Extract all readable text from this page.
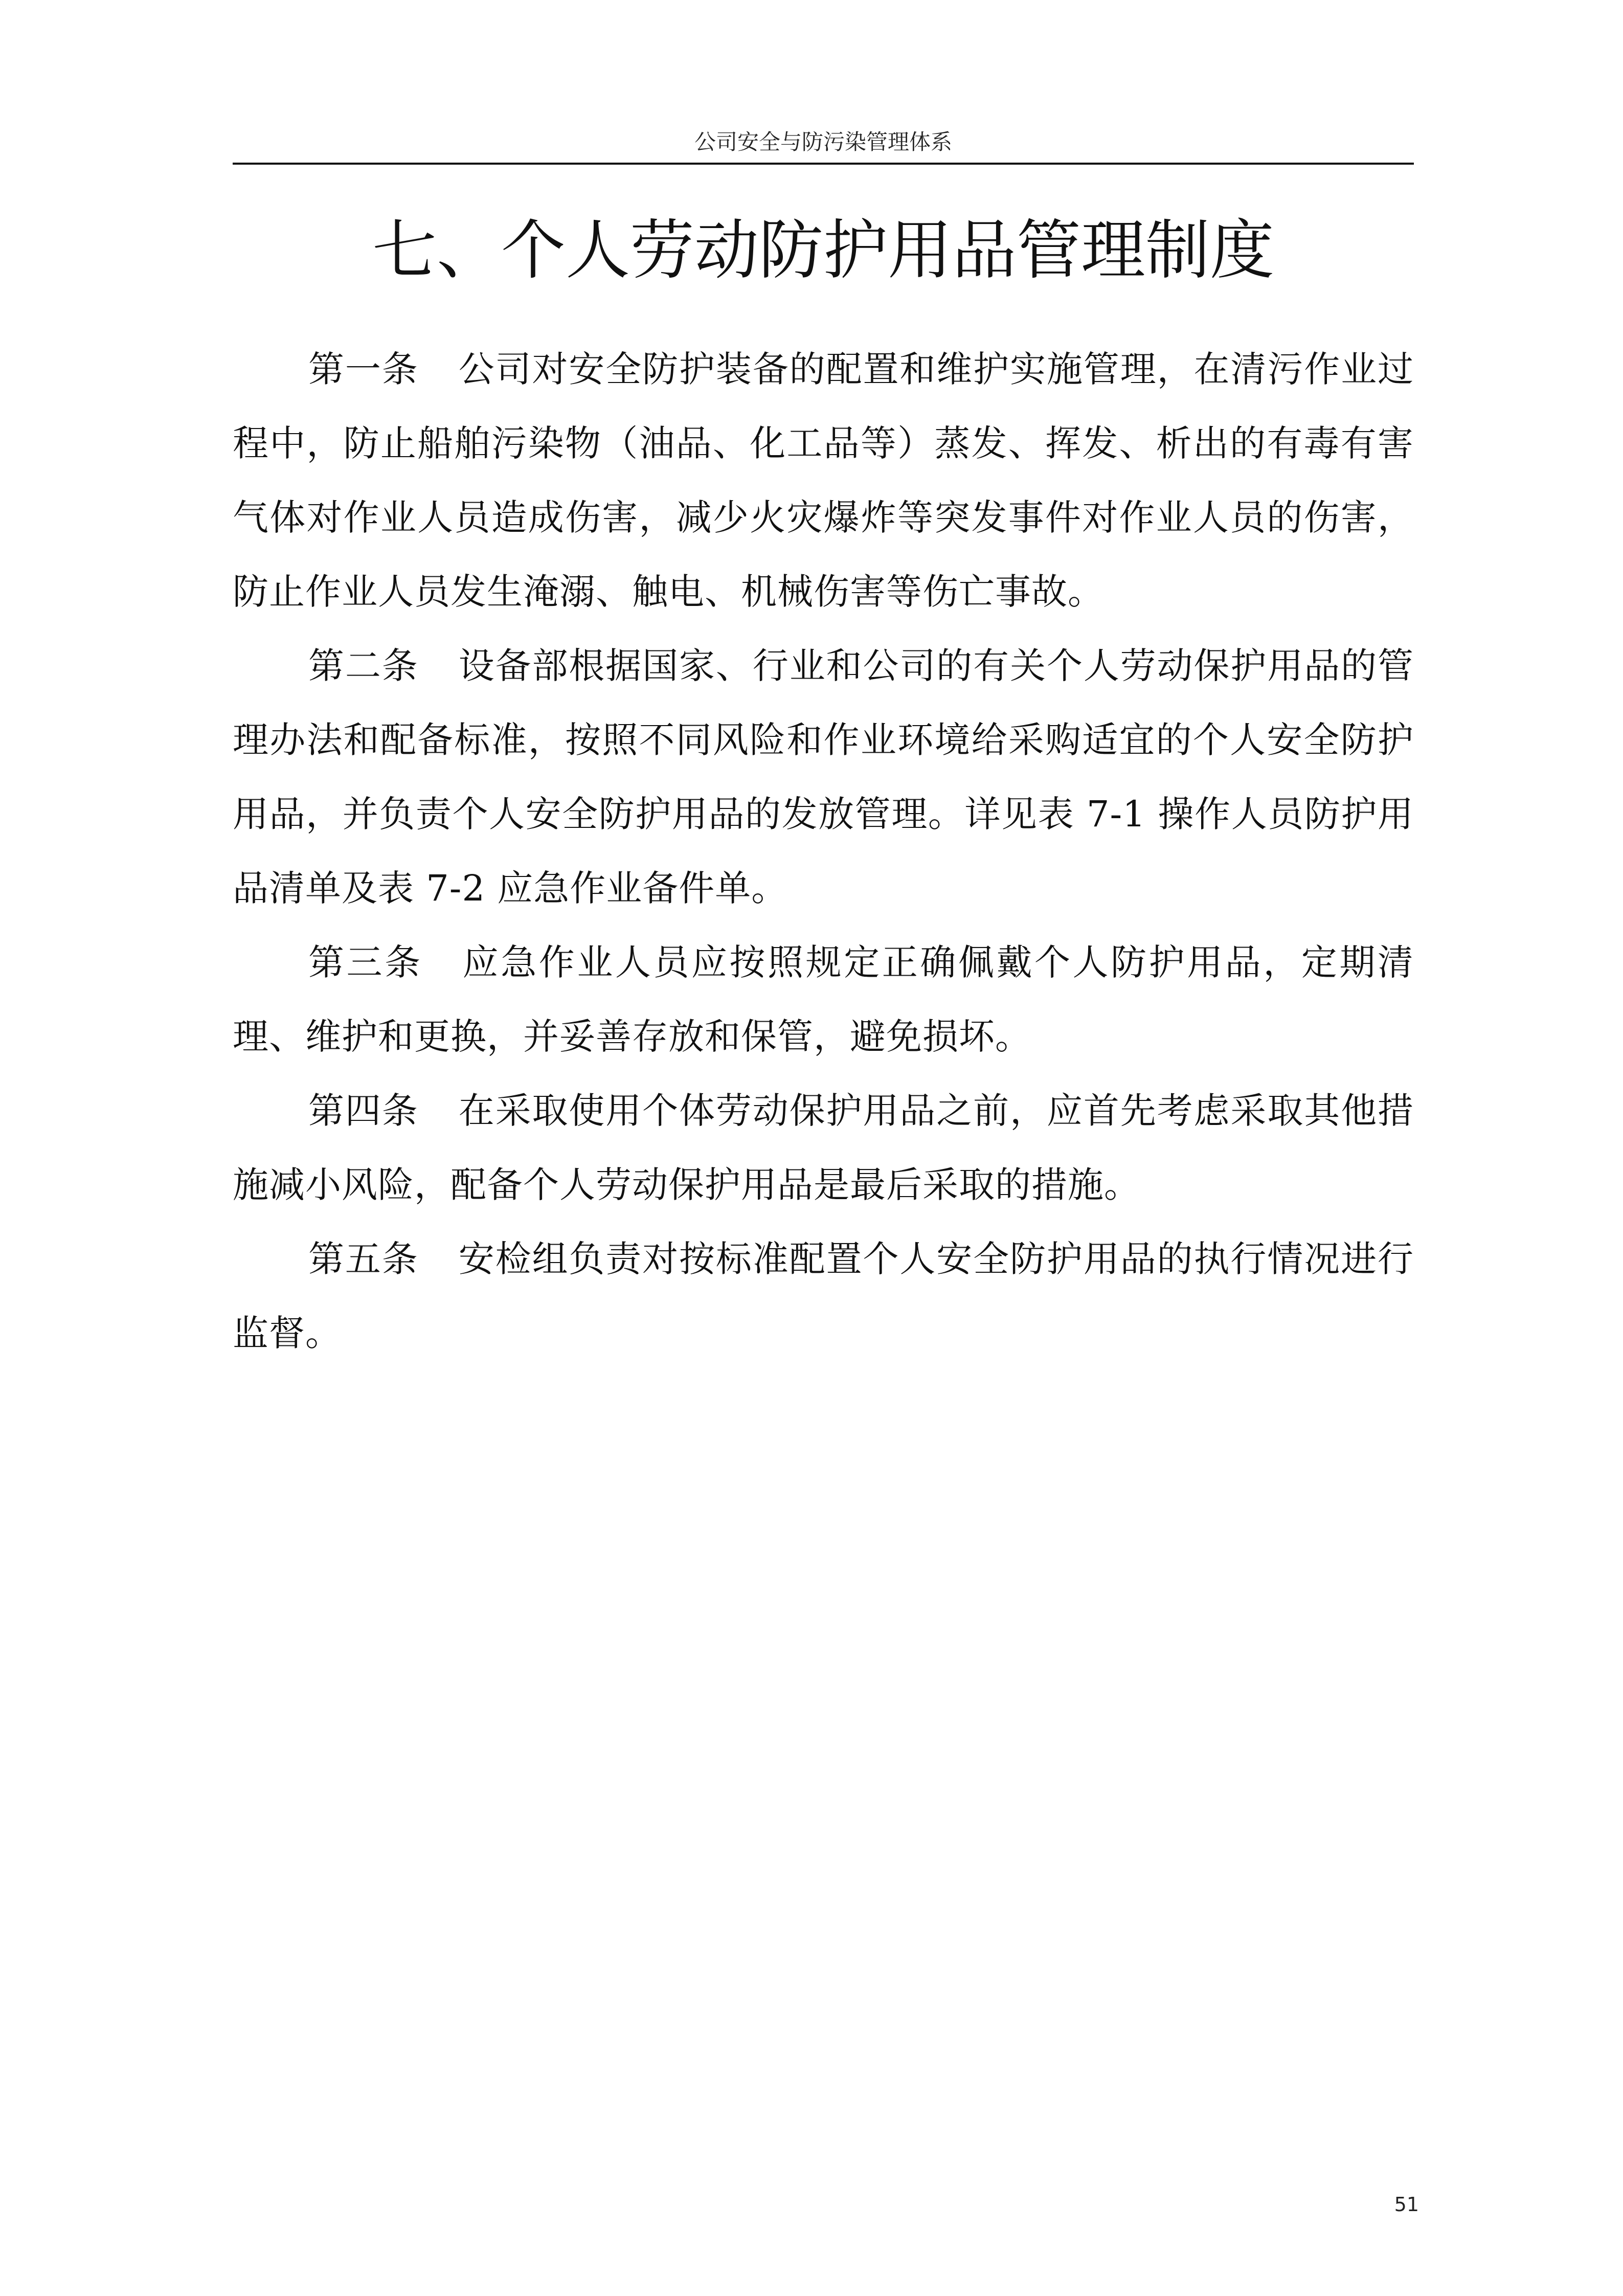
公司安全与防污染管理体系
七、个人劳动防护用品管理制度

第一条 公司对安全防护装备的配置和维护实施管理，在清污作业过程中，防止船舶污染物（油品、化工品等）蒸发、挥发、析出的有毒有害气体对作业人员造成伤害，减少火灾爆炸等突发事件对作业人员的伤害，防止作业人员发生淹溺、触电、机械伤害等伤亡事故。

第二条 设备部根据国家、行业和公司的有关个人劳动保护用品的管理办法和配备标准，按照不同风险和作业环境给采购适宜的个人安全防护用品，并负责个人安全防护用品的发放管理。详见表 7-1 操作人员防护用品清单及表 7-2 应急作业备件单。

第三条 应急作业人员应按照规定正确佩戴个人防护用品，定期清理、维护和更换，并妥善存放和保管，避免损坏。

第四条 在采取使用个体劳动保护用品之前，应首先考虑采取其他措施减小风险，配备个人劳动保护用品是最后采取的措施。

第五条 安检组负责对按标准配置个人安全防护用品的执行情况进行监督。

51
